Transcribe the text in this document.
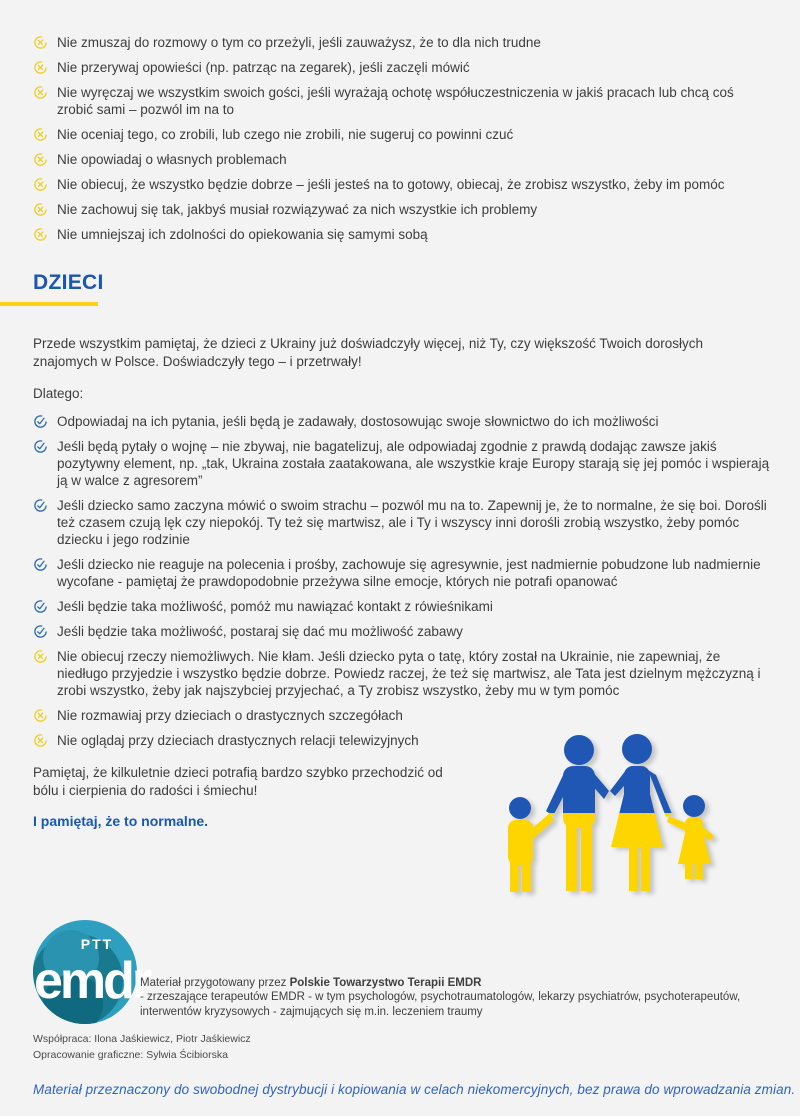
Nie zmuszaj do rozmowy o tym co przeżyli, jeśli zauważysz, że to dla nich trudne
Nie przerywaj opowieści (np. patrząc na zegarek), jeśli zaczęli mówić
Nie wyręczaj we wszystkim swoich gości, jeśli wyrażają ochotę współuczestniczenia w jakiś pracach lub chcą coś zrobić sami – pozwól im na to
Nie oceniaj tego, co zrobili, lub czego nie zrobili, nie sugeruj co powinni czuć
Nie opowiadaj o własnych problemach
Nie obiecuj, że wszystko będzie dobrze – jeśli jesteś na to gotowy, obiecaj, że zrobisz wszystko, żeby im pomóc
Nie zachowuj się tak, jakbyś musiał rozwiązywać za nich wszystkie ich problemy
Nie umniejszaj ich zdolności do opiekowania się samymi sobą
DZIECI

Przede wszystkim pamiętaj, że dzieci z Ukrainy już doświadczyły więcej, niż Ty, czy większość Twoich dorosłych znajomych w Polsce. Doświadczyły tego – i przetrwały!

Dlatego:

Odpowiadaj na ich pytania, jeśli będą je zadawały, dostosowując swoje słownictwo do ich możliwości
Jeśli będą pytały o wojnę – nie zbywaj, nie bagatelizuj, ale odpowiadaj zgodnie z prawdą dodając zawsze jakiś pozytywny element, np. „tak, Ukraina została zaatakowana, ale wszystkie kraje Europy starają się jej pomóc i wspierają ją w walce z agresorem”
Jeśli dziecko samo zaczyna mówić o swoim strachu – pozwól mu na to. Zapewnij je, że to normalne, że się boi. Dorośli też czasem czują lęk czy niepokój. Ty też się martwisz, ale i Ty i wszyscy inni dorośli zrobią wszystko, żeby pomóc dziecku i jego rodzinie
Jeśli dziecko nie reaguje na polecenia i prośby, zachowuje się agresywnie, jest nadmiernie pobudzone lub nadmiernie wycofane - pamiętaj że prawdopodobnie przeżywa silne emocje, których nie potrafi opanować
Jeśli będzie taka możliwość, pomóż mu nawiązać kontakt z rówieśnikami
Jeśli będzie taka możliwość, postaraj się dać mu możliwość zabawy
Nie obiecuj rzeczy niemożliwych. Nie kłam. Jeśli dziecko pyta o tatę, który został na Ukrainie, nie zapewniaj, że niedługo przyjedzie i wszystko będzie dobrze. Powiedz raczej, że też się martwisz, ale Tata jest dzielnym mężczyzną i zrobi wszystko, żeby jak najszybciej przyjechać, a Ty zrobisz wszystko, żeby mu w tym pomóc
Nie rozmawiaj przy dzieciach o drastycznych szczegółach
Nie oglądaj przy dzieciach drastycznych relacji telewizyjnych

Pamiętaj, że kilkuletnie dzieci potrafią bardzo szybko przechodzić od bólu i cierpienia do radości i śmiechu!

I pamiętaj, że to normalne.

PTT
emdr

Materiał przygotowany przez Polskie Towarzystwo Terapii EMDR
- zrzeszające terapeutów EMDR - w tym psychologów, psychotraumatologów, lekarzy psychiatrów, psychoterapeutów, interwentów kryzysowych - zajmujących się m.in. leczeniem traumy

Współpraca: Ilona Jaśkiewicz, Piotr Jaśkiewicz

Opracowanie graficzne: Sylwia Ścibiorska

Materiał przeznaczony do swobodnej dystrybucji i kopiowania w celach niekomercyjnych, bez prawa do wprowadzania zmian.
